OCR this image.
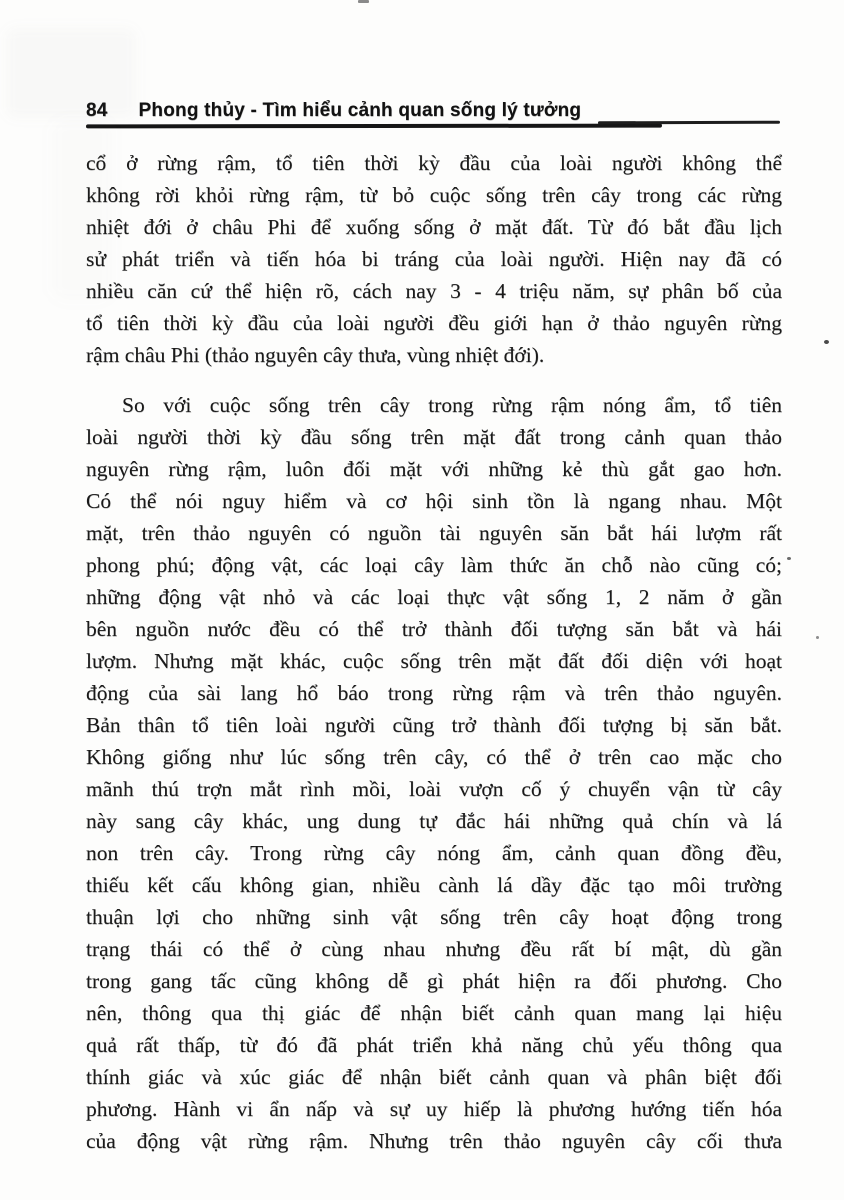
84 Phong thủy - Tìm hiểu cảnh quan sống lý tưởng
cổ ở rừng rậm, tổ tiên thời kỳ đầu của loài người không thể
không rời khỏi rừng rậm, từ bỏ cuộc sống trên cây trong các rừng
nhiệt đới ở châu Phi để xuống sống ở mặt đất. Từ đó bắt đầu lịch
sử phát triển và tiến hóa bi tráng của loài người. Hiện nay đã có
nhiều căn cứ thể hiện rõ, cách nay 3 - 4 triệu năm, sự phân bố của
tổ tiên thời kỳ đầu của loài người đều giới hạn ở thảo nguyên rừng
rậm châu Phi (thảo nguyên cây thưa, vùng nhiệt đới).
So với cuộc sống trên cây trong rừng rậm nóng ẩm, tổ tiên
loài người thời kỳ đầu sống trên mặt đất trong cảnh quan thảo
nguyên rừng rậm, luôn đối mặt với những kẻ thù gắt gao hơn.
Có thể nói nguy hiểm và cơ hội sinh tồn là ngang nhau. Một
mặt, trên thảo nguyên có nguồn tài nguyên săn bắt hái lượm rất
phong phú; động vật, các loại cây làm thức ăn chỗ nào cũng có;
những động vật nhỏ và các loại thực vật sống 1, 2 năm ở gần
bên nguồn nước đều có thể trở thành đối tượng săn bắt và hái
lượm. Nhưng mặt khác, cuộc sống trên mặt đất đối diện với hoạt
động của sài lang hổ báo trong rừng rậm và trên thảo nguyên.
Bản thân tổ tiên loài người cũng trở thành đối tượng bị săn bắt.
Không giống như lúc sống trên cây, có thể ở trên cao mặc cho
mãnh thú trợn mắt rình mồi, loài vượn cố ý chuyển vận từ cây
này sang cây khác, ung dung tự đắc hái những quả chín và lá
non trên cây. Trong rừng cây nóng ẩm, cảnh quan đồng đều,
thiếu kết cấu không gian, nhiều cành lá dầy đặc tạo môi trường
thuận lợi cho những sinh vật sống trên cây hoạt động trong
trạng thái có thể ở cùng nhau nhưng đều rất bí mật, dù gần
trong gang tấc cũng không dễ gì phát hiện ra đối phương. Cho
nên, thông qua thị giác để nhận biết cảnh quan mang lại hiệu
quả rất thấp, từ đó đã phát triển khả năng chủ yếu thông qua
thính giác và xúc giác để nhận biết cảnh quan và phân biệt đối
phương. Hành vi ẩn nấp và sự uy hiếp là phương hướng tiến hóa
của động vật rừng rậm. Nhưng trên thảo nguyên cây cối thưa
